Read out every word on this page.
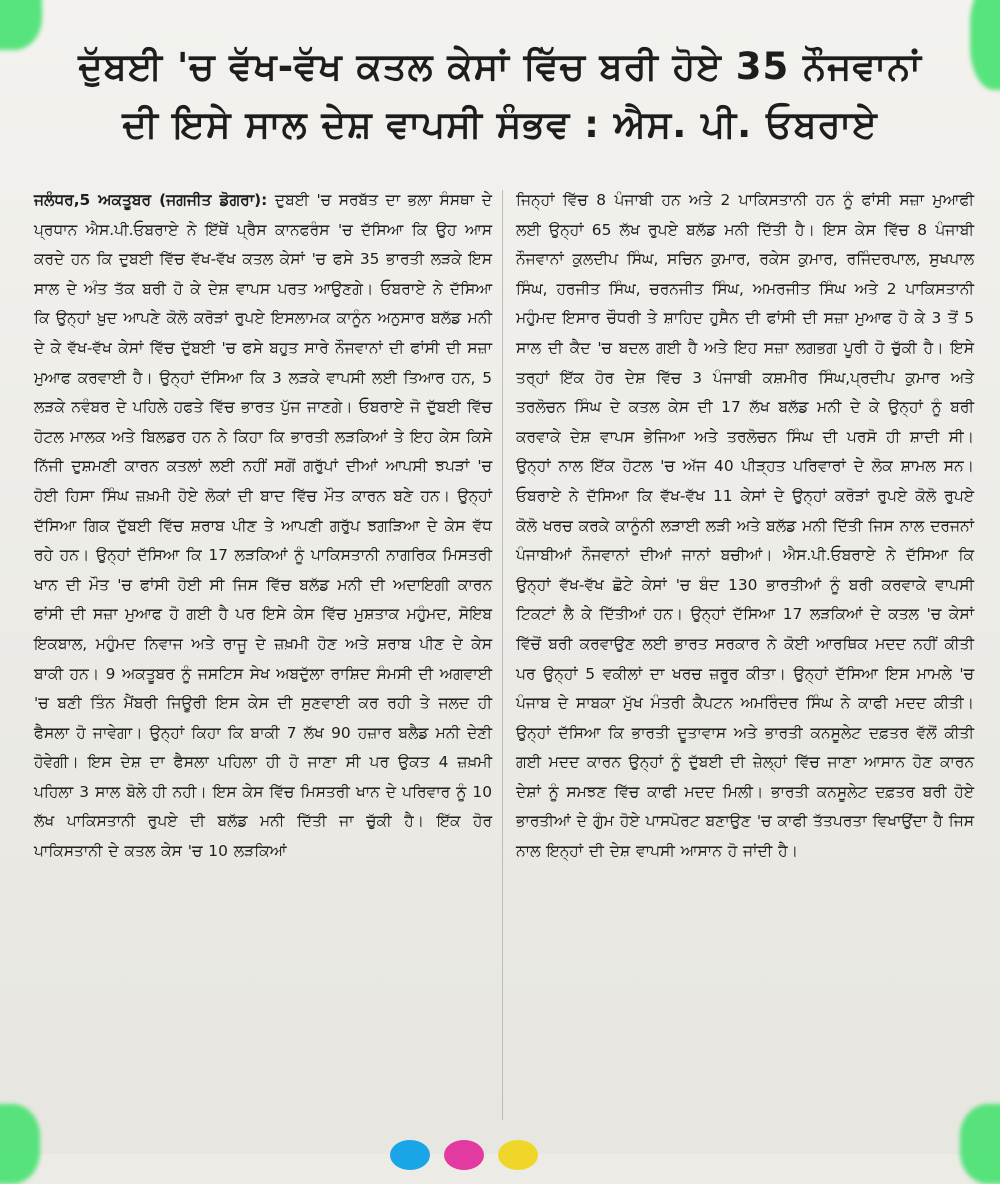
ਦੁੱਬਈ 'ਚ ਵੱਖ-ਵੱਖ ਕਤਲ ਕੇਸਾਂ ਵਿੱਚ ਬਰੀ ਹੋਏ 35 ਨੌਜਵਾਨਾਂ
ਦੀ ਇਸੇ ਸਾਲ ਦੇਸ਼ ਵਾਪਸੀ ਸੰਭਵ : ਐਸ. ਪੀ. ਓਬਰਾਏ

ਜਲੰਧਰ,5 ਅਕਤੂਬਰ (ਜਗਜੀਤ ਡੋਗਰਾ): ਦੁਬਈ 'ਚ ਸਰਬੱਤ ਦਾ ਭਲਾ ਸੰਸਥਾ ਦੇ ਪ੍ਰਧਾਨ ਐਸ.ਪੀ.ਓਬਰਾਏ ਨੇ ਇੱਥੇਂ ਪ੍ਰੈਸ ਕਾਨਫਰੰਸ 'ਚ ਦੱਸਿਆ ਕਿ ਉਹ ਆਸ ਕਰਦੇ ਹਨ ਕਿ ਦੁਬਈ ਵਿੱਚ ਵੱਖ-ਵੱਖ ਕਤਲ ਕੇਸਾਂ 'ਚ ਫਸੇ 35 ਭਾਰਤੀ ਲੜਕੇ ਇਸ ਸਾਲ ਦੇ ਅੰਤ ਤੱਕ ਬਰੀ ਹੋ ਕੇ ਦੇਸ਼ ਵਾਪਸ ਪਰਤ ਆਉਣਗੇ। ਓਬਰਾਏ ਨੇ ਦੱਸਿਆ ਕਿ ਉਨ੍ਹਾਂ ਖ਼ੁਦ ਆਪਣੇ ਕੋਲੋ ਕਰੋੜਾਂ ਰੁਪਏ ਇਸਲਾਮਕ ਕਾਨੂੰਨ ਅਨੁਸਾਰ ਬਲੱਡ ਮਨੀ ਦੇ ਕੇ ਵੱਖ-ਵੱਖ ਕੇਸਾਂ ਵਿੱਚ ਦੁੱਬਈ 'ਚ ਫਸੇ ਬਹੁਤ ਸਾਰੇ ਨੌਜਵਾਨਾਂ ਦੀ ਫਾਂਸੀ ਦੀ ਸਜ਼ਾ ਮੁਆਫ ਕਰਵਾਈ ਹੈ। ਉਨ੍ਹਾਂ ਦੱਸਿਆ ਕਿ 3 ਲੜਕੇ ਵਾਪਸੀ ਲਈ ਤਿਆਰ ਹਨ, 5 ਲੜਕੇ ਨਵੰਬਰ ਦੇ ਪਹਿਲੇ ਹਫਤੇ ਵਿੱਚ ਭਾਰਤ ਪੁੱਜ ਜਾਣਗੇ। ਓਬਰਾਏ ਜੋ ਦੁੱਬਈ ਵਿੱਚ ਹੋਟਲ ਮਾਲਕ ਅਤੇ ਬਿਲਡਰ ਹਨ ਨੇ ਕਿਹਾ ਕਿ ਭਾਰਤੀ ਲੜਕਿਆਂ ਤੇ ਇਹ ਕੇਸ ਕਿਸੇ ਨਿੱਜੀ ਦੁਸ਼ਮਣੀ ਕਾਰਨ ਕਤਲਾਂ ਲਈ ਨਹੀਂ ਸਗੋਂ ਗਰੁੱਪਾਂ ਦੀਆਂ ਆਪਸੀ ਝਪੜਾਂ 'ਚ ਹੋਈ ਹਿਸਾ ਸਿੰਘ ਜ਼ਖ਼ਮੀ ਹੋਏ ਲੋਕਾਂ ਦੀ ਬਾਦ ਵਿੱਚ ਮੌਤ ਕਾਰਨ ਬਣੇ ਹਨ। ਉਨ੍ਹਾਂ ਦੱਸਿਆ ਗਿਕ ਦੁੱਬਈ ਵਿੱਚ ਸ਼ਰਾਬ ਪੀਣ ਤੇ ਆਪਣੀ ਗਰੁੱਪ ਝਗੜਿਆ ਦੇ ਕੇਸ ਵੱਧ ਰਹੇ ਹਨ। ਉਨ੍ਹਾਂ ਦੱਸਿਆ ਕਿ 17 ਲੜਕਿਆਂ ਨੂੰ ਪਾਕਿਸਤਾਨੀ ਨਾਗਰਿਕ ਮਿਸਤਰੀ ਖਾਨ ਦੀ ਮੌਤ 'ਚ ਫਾਂਸੀ ਹੋਈ ਸੀ ਜਿਸ ਵਿੱਚ ਬਲੱਡ ਮਨੀ ਦੀ ਅਦਾਇਗੀ ਕਾਰਨ ਫਾਂਸੀ ਦੀ ਸਜ਼ਾ ਮੁਆਫ ਹੋ ਗਈ ਹੈ ਪਰ ਇਸੇ ਕੇਸ ਵਿੱਚ ਮੁਸ਼ਤਾਕ ਮਹੁੰਮਦ, ਸੋਇਬ ਇਕਬਾਲ, ਮਹੁੰਮਦ ਨਿਵਾਜ ਅਤੇ ਰਾਜੂ ਦੇ ਜ਼ਖ਼ਮੀ ਹੋਣ ਅਤੇ ਸ਼ਰਾਬ ਪੀਣ ਦੇ ਕੇਸ ਬਾਕੀ ਹਨ। 9 ਅਕਤੂਬਰ ਨੂੰ ਜਸਟਿਸ ਸੇਖ ਅਬਦੁੱਲਾ ਰਾਸ਼ਿਦ ਸੰਮਸੀ ਦੀ ਅਗਵਾਈ 'ਚ ਬਣੀ ਤਿੰਨ ਮੈਂਬਰੀ ਜਿਊਰੀ ਇਸ ਕੇਸ ਦੀ ਸੁਣਵਾਈ ਕਰ ਰਹੀ ਤੇ ਜਲਦ ਹੀ ਫੈਸਲਾ ਹੋ ਜਾਵੇਗਾ। ਉਨ੍ਹਾਂ ਕਿਹਾ ਕਿ ਬਾਕੀ 7 ਲੱਖ 90 ਹਜ਼ਾਰ ਬਲੈਡ ਮਨੀ ਦੇਣੀ ਹੋਵੇਗੀ। ਇਸ ਦੇਸ਼ ਦਾ ਫੈਸਲਾ ਪਹਿਲਾ ਹੀ ਹੋ ਜਾਣਾ ਸੀ ਪਰ ਉਕਤ 4 ਜ਼ਖ਼ਮੀ ਪਹਿਲਾ 3 ਸਾਲ ਬੋਲੇ ਹੀ ਨਹੀ। ਇਸ ਕੇਸ ਵਿੱਚ ਮਿਸਤਰੀ ਖਾਨ ਦੇ ਪਰਿਵਾਰ ਨੂੰ 10 ਲੱਖ ਪਾਕਿਸਤਾਨੀ ਰੁਪਏ ਦੀ ਬਲੱਡ ਮਨੀ ਦਿੱਤੀ ਜਾ ਚੁੱਕੀ ਹੈ। ਇੱਕ ਹੋਰ ਪਾਕਿਸਤਾਨੀ ਦੇ ਕਤਲ ਕੇਸ 'ਚ 10 ਲੜਕਿਆਂ

ਜਿਨ੍ਹਾਂ ਵਿੱਚ 8 ਪੰਜਾਬੀ ਹਨ ਅਤੇ 2 ਪਾਕਿਸਤਾਨੀ ਹਨ ਨੂੰ ਫਾਂਸੀ ਸਜ਼ਾ ਮੁਆਫੀ ਲਈ ਉਨ੍ਹਾਂ 65 ਲੱਖ ਰੁਪਏ ਬਲੱਡ ਮਨੀ ਦਿੱਤੀ ਹੈ। ਇਸ ਕੇਸ ਵਿੱਚ 8 ਪੰਜਾਬੀ ਨੌਜਵਾਨਾਂ ਕੁਲਦੀਪ ਸਿੰਘ, ਸਚਿਨ ਕੁਮਾਰ, ਰਕੇਸ ਕੁਮਾਰ, ਰਜਿੰਦਰਪਾਲ, ਸੁਖਪਾਲ ਸਿੰਘ, ਹਰਜੀਤ ਸਿੰਘ, ਚਰਨਜੀਤ ਸਿੰਘ, ਅਮਰਜੀਤ ਸਿੰਘ ਅਤੇ 2 ਪਾਕਿਸਤਾਨੀ ਮਹੁੰਮਦ ਇਸਾਰ ਚੌਧਰੀ ਤੇ ਸ਼ਾਹਿਦ ਹੁਸੈਨ ਦੀ ਫਾਂਸੀ ਦੀ ਸਜ਼ਾ ਮੁਆਫ ਹੋ ਕੇ 3 ਤੋਂ 5 ਸਾਲ ਦੀ ਕੈਦ 'ਚ ਬਦਲ ਗਈ ਹੈ ਅਤੇ ਇਹ ਸਜ਼ਾ ਲਗਭਗ ਪੂਰੀ ਹੋ ਚੁੱਕੀ ਹੈ। ਇਸੇ ਤਰ੍ਹਾਂ ਇੱਕ ਹੋਰ ਦੇਸ਼ ਵਿੱਚ 3 ਪੰਜਾਬੀ ਕਸ਼ਮੀਰ ਸਿੰਘ,ਪ੍ਰਦੀਪ ਕੁਮਾਰ ਅਤੇ ਤਰਲੋਚਨ ਸਿੰਘ ਦੇ ਕਤਲ ਕੇਸ ਦੀ 17 ਲੱਖ ਬਲੱਡ ਮਨੀ ਦੇ ਕੇ ਉਨ੍ਹਾਂ ਨੂੰ ਬਰੀ ਕਰਵਾਕੇ ਦੇਸ਼ ਵਾਪਸ ਭੇਜਿਆ ਅਤੇ ਤਰਲੋਚਨ ਸਿੰਘ ਦੀ ਪਰਸੋ ਹੀ ਸ਼ਾਦੀ ਸੀ। ਉਨ੍ਹਾਂ ਨਾਲ ਇੱਕ ਹੋਟਲ 'ਚ ਅੱਜ 40 ਪੀੜ੍ਹਤ ਪਰਿਵਾਰਾਂ ਦੇ ਲੋਕ ਸ਼ਾਮਲ ਸਨ। ਓਬਰਾਏ ਨੇ ਦੱਸਿਆ ਕਿ ਵੱਖ-ਵੱਖ 11 ਕੇਸਾਂ ਦੇ ਉਨ੍ਹਾਂ ਕਰੋੜਾਂ ਰੁਪਏ ਕੋਲੋ ਰੁਪਏ ਕੋਲੋ ਖਰਚ ਕਰਕੇ ਕਾਨੂੰਨੀ ਲੜਾਈ ਲੜੀ ਅਤੇ ਬਲੱਡ ਮਨੀ ਦਿੱਤੀ ਜਿਸ ਨਾਲ ਦਰਜਨਾਂ ਪੰਜਾਬੀਆਂ ਨੌਜਵਾਨਾਂ ਦੀਆਂ ਜਾਨਾਂ ਬਚੀਆਂ। ਐਸ.ਪੀ.ਓਬਰਾਏ ਨੇ ਦੱਸਿਆ ਕਿ ਉਨ੍ਹਾਂ ਵੱਖ-ਵੱਖ ਛੋਟੇ ਕੇਸਾਂ 'ਚ ਬੰਦ 130 ਭਾਰਤੀਆਂ ਨੂੰ ਬਰੀ ਕਰਵਾਕੇ ਵਾਪਸੀ ਟਿਕਟਾਂ ਲੈ ਕੇ ਦਿੱਤੀਆਂ ਹਨ। ਉਨ੍ਹਾਂ ਦੱਸਿਆ 17 ਲੜਕਿਆਂ ਦੇ ਕਤਲ 'ਚ ਕੇਸਾਂ ਵਿੱਚੋਂ ਬਰੀ ਕਰਵਾਉਣ ਲਈ ਭਾਰਤ ਸਰਕਾਰ ਨੇ ਕੋਈ ਆਰਥਿਕ ਮਦਦ ਨਹੀਂ ਕੀਤੀ ਪਰ ਉਨ੍ਹਾਂ 5 ਵਕੀਲਾਂ ਦਾ ਖਰਚ ਜ਼ਰੂਰ ਕੀਤਾ। ਉਨ੍ਹਾਂ ਦੱਸਿਆ ਇਸ ਮਾਮਲੇ 'ਚ ਪੰਜਾਬ ਦੇ ਸਾਬਕਾ ਮੁੱਖ ਮੰਤਰੀ ਕੈਪਟਨ ਅਮਰਿੰਦਰ ਸਿੰਘ ਨੇ ਕਾਫੀ ਮਦਦ ਕੀਤੀ। ਉਨ੍ਹਾਂ ਦੱਸਿਆ ਕਿ ਭਾਰਤੀ ਦੂਤਾਵਾਸ ਅਤੇ ਭਾਰਤੀ ਕਨਸੂਲੇਟ ਦਫ਼ਤਰ ਵੱਲੋਂ ਕੀਤੀ ਗਈ ਮਦਦ ਕਾਰਨ ਉਨ੍ਹਾਂ ਨੂੰ ਦੁੱਬਈ ਦੀ ਜ਼ੇਲ੍ਹਾਂ ਵਿੱਚ ਜਾਣਾ ਆਸਾਨ ਹੋਣ ਕਾਰਨ ਦੇਸ਼ਾਂ ਨੂੰ ਸਮਝਣ ਵਿੱਚ ਕਾਫੀ ਮਦਦ ਮਿਲੀ। ਭਾਰਤੀ ਕਨਸੂਲੇਟ ਦਫ਼ਤਰ ਬਰੀ ਹੋਏ ਭਾਰਤੀਆਂ ਦੇ ਗੁੰਮ ਹੋਏ ਪਾਸਪੋਰਟ ਬਣਾਉਣ 'ਚ ਕਾਫੀ ਤੱਤਪਰਤਾ ਵਿਖਾਉਂਦਾ ਹੈ ਜਿਸ ਨਾਲ ਇਨ੍ਹਾਂ ਦੀ ਦੇਸ਼ ਵਾਪਸੀ ਆਸਾਨ ਹੋ ਜਾਂਦੀ ਹੈ।
